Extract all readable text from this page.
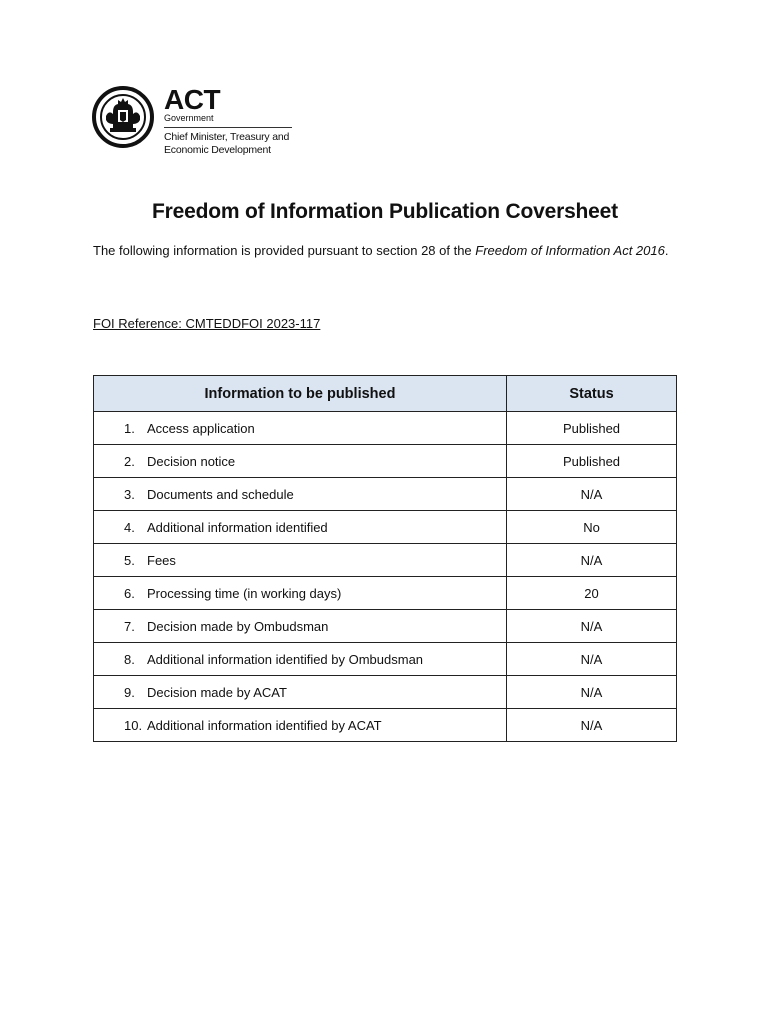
ACT
Government
Chief Minister, Treasury and
Economic Development
Freedom of Information Publication Coversheet
The following information is provided pursuant to section 28 of the Freedom of Information Act 2016.
FOI Reference: CMTEDDFOI 2023-117
Information to be published	Status
1. Access application	Published
2. Decision notice	Published
3. Documents and schedule	N/A
4. Additional information identified	No
5. Fees	N/A
6. Processing time (in working days)	20
7. Decision made by Ombudsman	N/A
8. Additional information identified by Ombudsman	N/A
9. Decision made by ACAT	N/A
10. Additional information identified by ACAT	N/A
